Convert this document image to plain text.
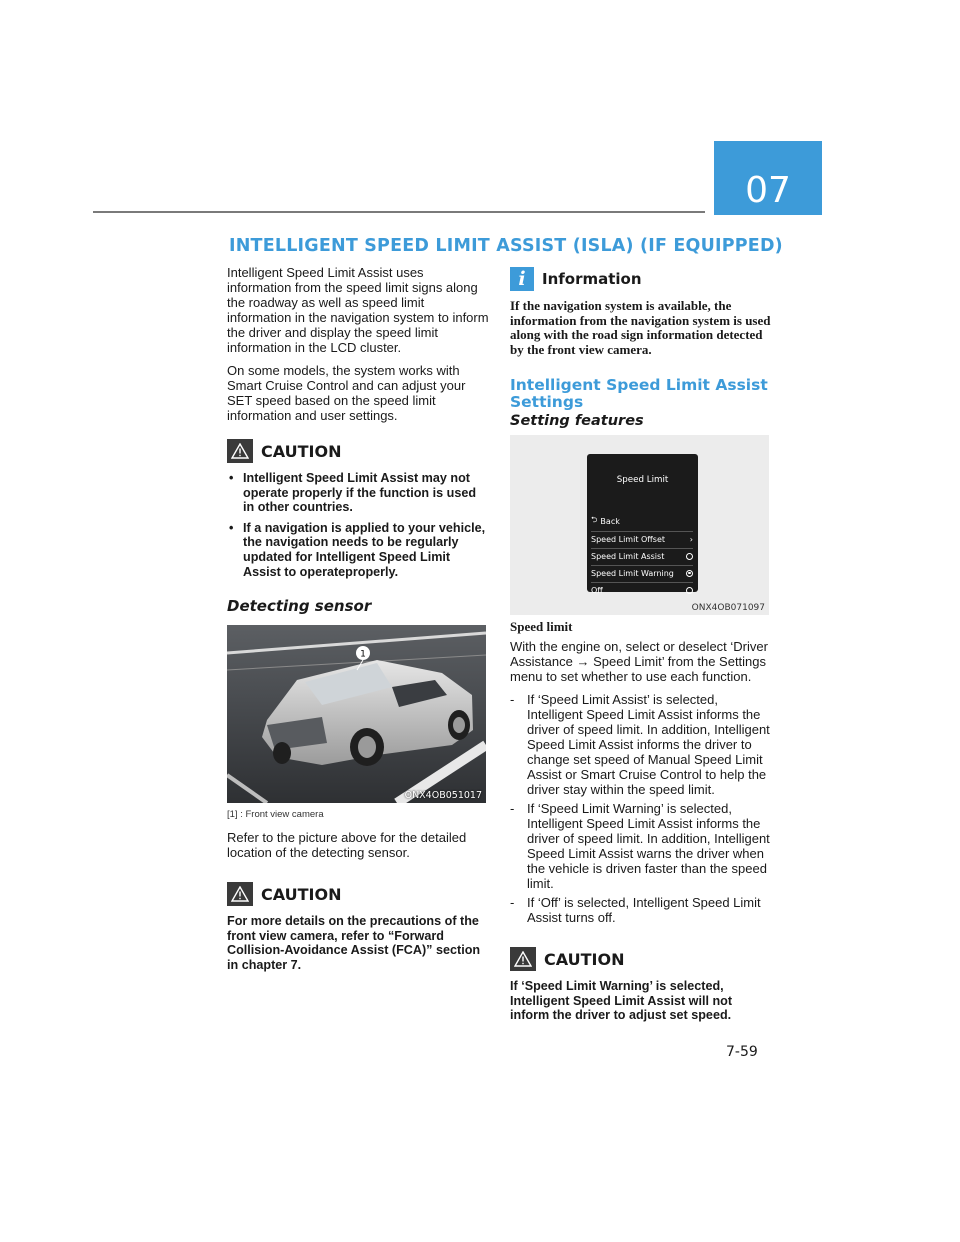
07
INTELLIGENT SPEED LIMIT ASSIST (ISLA) (IF EQUIPPED)

Intelligent Speed Limit Assist uses information from the speed limit signs along the roadway as well as speed limit information in the navigation system to inform the driver and display the speed limit information in the LCD cluster.

On some models, the system works with Smart Cruise Control and can adjust your SET speed based on the speed limit information and user settings.

CAUTION
• Intelligent Speed Limit Assist may not operate properly if the function is used in other countries.
• If a navigation is applied to your vehicle, the navigation needs to be regularly updated for Intelligent Speed Limit Assist to operateproperly.
Detecting sensor
1
ONX4OB051017
[1] : Front view camera

Refer to the picture above for the detailed location of the detecting sensor.

CAUTION

For more details on the precautions of the front view camera, refer to “Forward Collision-Avoidance Assist (FCA)” section in chapter 7.

i	Information

If the navigation system is available, the information from the navigation system is used along with the road sign information detected by the front view camera.

Intelligent Speed Limit Assist Settings
Setting features
Speed Limit
⮌ Back
Speed Limit Offset	›
Speed Limit Assist
Speed Limit Warning
Off
ONX4OB071097
Speed limit

With the engine on, select or deselect ‘Driver Assistance → Speed Limit’ from the Settings menu to set whether to use each function.

- If ‘Speed Limit Assist’ is selected, Intelligent Speed Limit Assist informs the driver of speed limit. In addition, Intelligent Speed Limit Assist informs the driver to change set speed of Manual Speed Limit Assist or Smart Cruise Control to help the driver stay within the speed limit.
- If ‘Speed Limit Warning’ is selected, Intelligent Speed Limit Assist informs the driver of speed limit. In addition, Intelligent Speed Limit Assist warns the driver when the vehicle is driven faster than the speed limit.
- If ‘Off’ is selected, Intelligent Speed Limit Assist turns off.
CAUTION

If ‘Speed Limit Warning’ is selected, Intelligent Speed Limit Assist will not inform the driver to adjust set speed.

7-59
